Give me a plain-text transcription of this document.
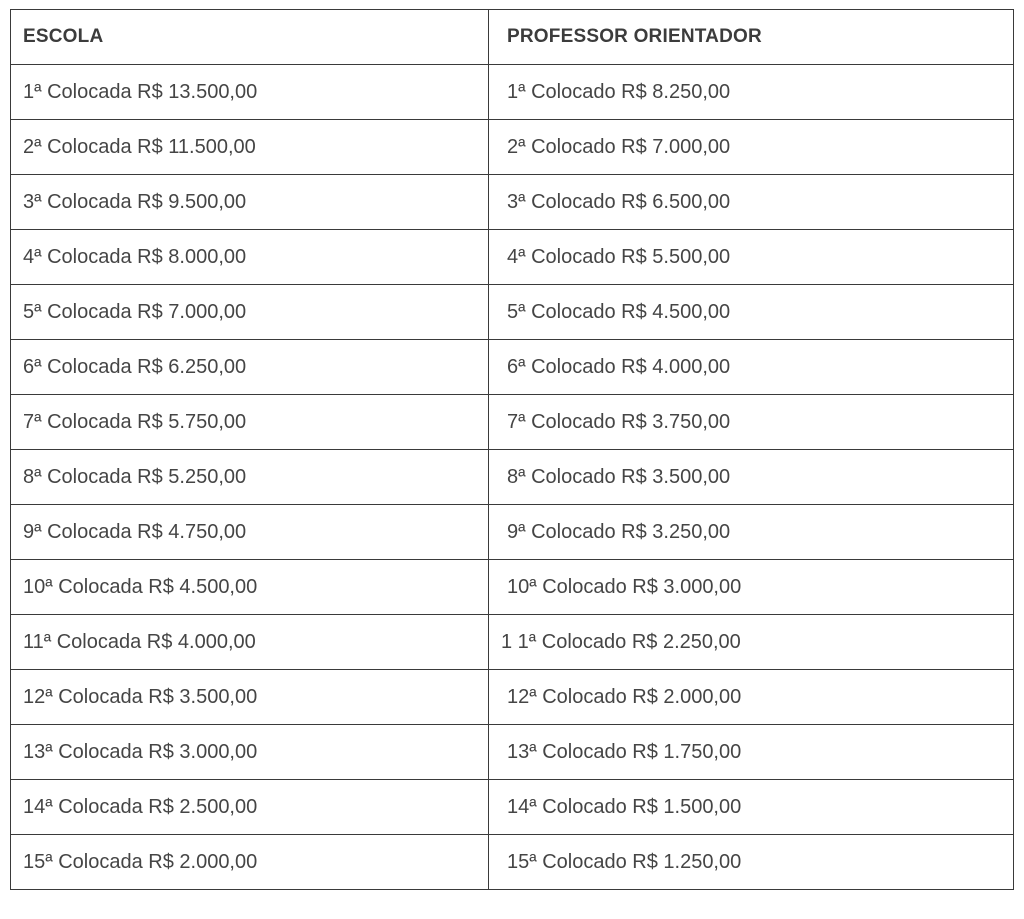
ESCOLA	PROFESSOR ORIENTADOR
1ª Colocada R$ 13.500,00	1ª Colocado R$ 8.250,00
2ª Colocada R$ 11.500,00	2ª Colocado R$ 7.000,00
3ª Colocada R$ 9.500,00	3ª Colocado R$ 6.500,00
4ª Colocada R$ 8.000,00	4ª Colocado R$ 5.500,00
5ª Colocada R$ 7.000,00	5ª Colocado R$ 4.500,00
6ª Colocada R$ 6.250,00	6ª Colocado R$ 4.000,00
7ª Colocada R$ 5.750,00	7ª Colocado R$ 3.750,00
8ª Colocada R$ 5.250,00	8ª Colocado R$ 3.500,00
9ª Colocada R$ 4.750,00	9ª Colocado R$ 3.250,00
10ª Colocada R$ 4.500,00	10ª Colocado R$ 3.000,00
11ª Colocada R$ 4.000,00	1 1ª Colocado R$ 2.250,00
12ª Colocada R$ 3.500,00	12ª Colocado R$ 2.000,00
13ª Colocada R$ 3.000,00	13ª Colocado R$ 1.750,00
14ª Colocada R$ 2.500,00	14ª Colocado R$ 1.500,00
15ª Colocada R$ 2.000,00	15ª Colocado R$ 1.250,00
